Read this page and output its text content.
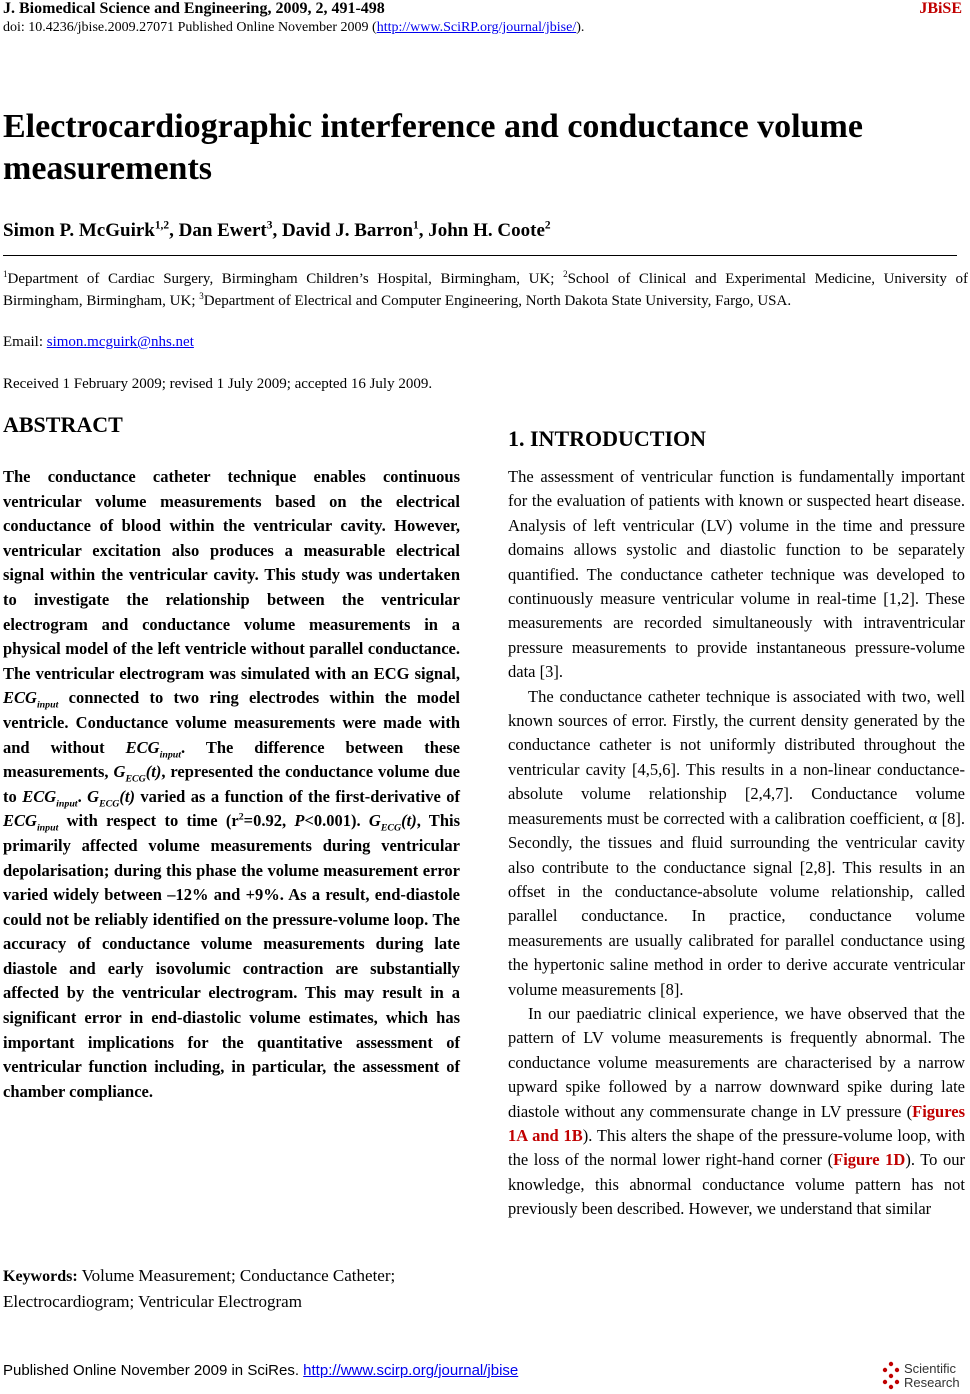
J. Biomedical Science and Engineering, 2009, 2, 491-498	JBiSE
doi: 10.4236/jbise.2009.27071 Published Online November 2009 (http://www.SciRP.org/journal/jbise/).
Electrocardiographic interference and conductance volume measurements
Simon P. McGuirk$^{1,2}$, Dan Ewert$^3$, David J. Barron$^1$, John H. Coote$^2$
$^1$Department of Cardiac Surgery, Birmingham Children’s Hospital, Birmingham, UK; $^2$School of Clinical and Experimental Medicine, University of Birmingham, Birmingham, UK; $^3$Department of Electrical and Computer Engineering, North Dakota State University, Fargo, USA.
Email: simon.mcguirk@nhs.net
Received 1 February 2009; revised 1 July 2009; accepted 16 July 2009.
ABSTRACT
The conductance catheter technique enables continuous ventricular volume measurements based on the electrical conductance of blood within the ventricular cavity. However, ventricular excitation also produces a measurable electrical signal within the ventricular cavity. This study was undertaken to investigate the relationship between the ventricular electrogram and conductance volume measurements in a physical model of the left ventricle without parallel conductance. The ventricular electrogram was simulated with an ECG signal, $ECG_{input}$ connected to two ring electrodes within the model ventricle. Conductance volume measurements were made with and without $ECG_{input}$. The difference between these measurements, $G_{ECG}(t)$, represented the conductance volume due to $ECG_{input}$. $G_{ECG}(t)$ varied as a function of the first-derivative of $ECG_{input}$ with respect to time ($r^2=0.92$, P<0.001). $G_{ECG}(t)$, This primarily affected volume measurements during ventricular depolarisation; during this phase the volume measurement error varied widely between –12% and +9%. As a result, end-diastole could not be reliably identified on the pressure-volume loop. The accuracy of conductance volume measurements during late diastole and early isovolumic contraction are substantially affected by the ventricular electrogram. This may result in a significant error in end-diastolic volume estimates, which has important implications for the quantitative assessment of ventricular function including, in particular, the assessment of chamber compliance.
Keywords: Volume Measurement; Conductance Catheter; Electrocardiogram; Ventricular Electrogram
1. INTRODUCTION

The assessment of ventricular function is fundamentally important for the evaluation of patients with known or suspected heart disease. Analysis of left ventricular (LV) volume in the time and pressure domains allows systolic and diastolic function to be separately quantified. The conductance catheter technique was developed to continuously measure ventricular volume in real-time [1,2]. These measurements are recorded simultaneously with intraventricular pressure measurements to provide instantaneous pressure-volume data [3].

The conductance catheter technique is associated with two, well known sources of error. Firstly, the current density generated by the conductance catheter is not uniformly distributed throughout the ventricular cavity [4,5,6]. This results in a non-linear conductance-absolute volume relationship [2,4,7]. Conductance volume measurements must be corrected with a calibration coefficient, α [8]. Secondly, the tissues and fluid surrounding the ventricular cavity also contribute to the conductance signal [2,8]. This results in an offset in the conductance-absolute volume relationship, called parallel conductance. In practice, conductance volume measurements are usually calibrated for parallel conductance using the hypertonic saline method in order to derive accurate ventricular volume measurements [8].

In our paediatric clinical experience, we have observed that the pattern of LV volume measurements is frequently abnormal. The conductance volume measurements are characterised by a narrow upward spike followed by a narrow downward spike during late diastole without any commensurate change in LV pressure (Figures 1A and 1B). This alters the shape of the pressure-volume loop, with the loss of the normal lower right-hand corner (Figure 1D). To our knowledge, this abnormal conductance volume pattern has not previously been described. However, we understand that similar

Published Online November 2009 in SciRes. http://www.scirp.org/journal/jbise	Scientific
Research
